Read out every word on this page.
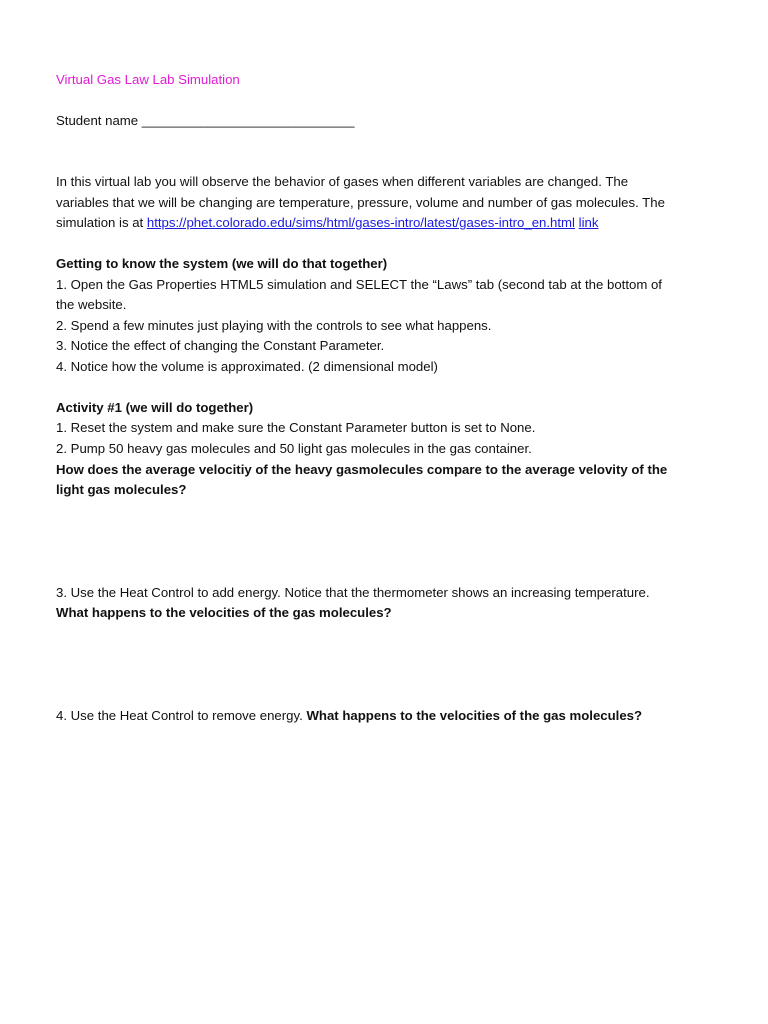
Virtual Gas Law Lab Simulation
Student name _____________________________
In this virtual lab you will observe the behavior of gases when different variables are changed. The
variables that we will be changing are temperature, pressure, volume and number of gas molecules. The
simulation is at https://phet.colorado.edu/sims/html/gases-intro/latest/gases-intro_en.html link
Getting to know the system (we will do that together)
1. Open the Gas Properties HTML5 simulation and SELECT the “Laws” tab (second tab at the bottom of
the website.
2. Spend a few minutes just playing with the controls to see what happens.
3. Notice the effect of changing the Constant Parameter.
4. Notice how the volume is approximated. (2 dimensional model)
Activity #1 (we will do together)
1. Reset the system and make sure the Constant Parameter button is set to None.
2. Pump 50 heavy gas molecules and 50 light gas molecules in the gas container.
How does the average velocitiy of the heavy gasmolecules compare to the average velovity of the
light gas molecules?
3. Use the Heat Control to add energy. Notice that the thermometer shows an increasing temperature.
What happens to the velocities of the gas molecules?
4. Use the Heat Control to remove energy. What happens to the velocities of the gas molecules?
